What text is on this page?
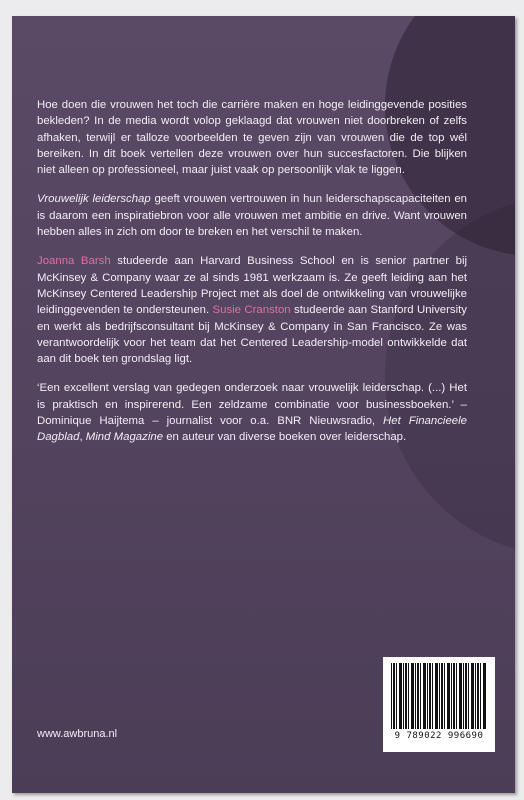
Hoe doen die vrouwen het toch die carrière maken en hoge leidinggevende posities bekleden? In de media wordt volop geklaagd dat vrouwen niet doorbreken of zelfs afhaken, terwijl er talloze voorbeelden te geven zijn van vrouwen die de top wél bereiken. In dit boek vertellen deze vrouwen over hun succesfactoren. Die blijken niet alleen op professioneel, maar juist vaak op persoonlijk vlak te liggen.

Vrouwelijk leiderschap geeft vrouwen vertrouwen in hun leiderschapscapaciteiten en is daarom een inspiratiebron voor alle vrouwen met ambitie en drive. Want vrouwen hebben alles in zich om door te breken en het verschil te maken.

Joanna Barsh studeerde aan Harvard Business School en is senior partner bij McKinsey & Company waar ze al sinds 1981 werkzaam is. Ze geeft leiding aan het McKinsey Centered Leadership Project met als doel de ontwikkeling van vrouwelijke leidinggevenden te ondersteunen. Susie Cranston studeerde aan Stanford University en werkt als bedrijfsconsultant bij McKinsey & Company in San Francisco. Ze was verantwoordelijk voor het team dat het Centered Leadership-model ontwikkelde dat aan dit boek ten grondslag ligt.

‘Een excellent verslag van gedegen onderzoek naar vrouwelijk leiderschap. (...) Het is praktisch en inspirerend. Een zeldzame combinatie voor businessboeken.’ – Dominique Haijtema – journalist voor o.a. BNR Nieuwsradio, Het Financieele Dagblad, Mind Magazine en auteur van diverse boeken over leiderschap.

www.awbruna.nl	9 789022 996690
